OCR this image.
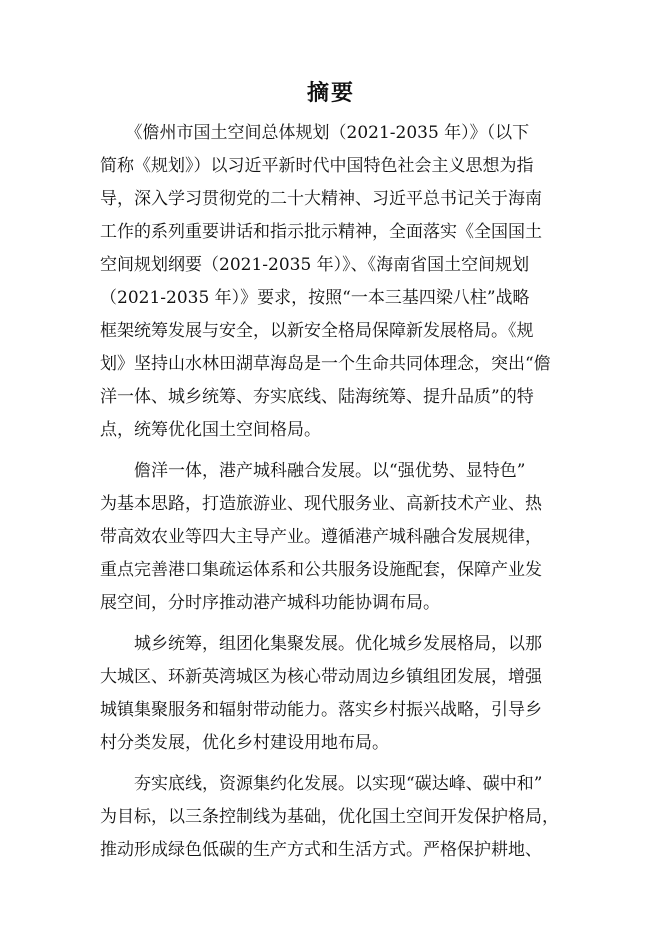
摘要
　　《儋州市国土空间总体规划（2021-2035 年）》（以下
简称《规划》）以习近平新时代中国特色社会主义思想为指
导，深入学习贯彻党的二十大精神、习近平总书记关于海南
工作的系列重要讲话和指示批示精神，全面落实《全国国土
空间规划纲要（2021-2035 年）》、《海南省国土空间规划
（2021-2035 年）》要求，按照“一本三基四梁八柱”战略
框架统筹发展与安全，以新安全格局保障新发展格局。《规
划》坚持山水林田湖草海岛是一个生命共同体理念，突出“儋
洋一体、城乡统筹、夯实底线、陆海统筹、提升品质”的特
点，统筹优化国土空间格局。
　　儋洋一体，港产城科融合发展。以“强优势、显特色”
为基本思路，打造旅游业、现代服务业、高新技术产业、热
带高效农业等四大主导产业。遵循港产城科融合发展规律，
重点完善港口集疏运体系和公共服务设施配套，保障产业发
展空间，分时序推动港产城科功能协调布局。
　　城乡统筹，组团化集聚发展。优化城乡发展格局，以那
大城区、环新英湾城区为核心带动周边乡镇组团发展，增强
城镇集聚服务和辐射带动能力。落实乡村振兴战略，引导乡
村分类发展，优化乡村建设用地布局。
　　夯实底线，资源集约化发展。以实现“碳达峰、碳中和”
为目标，以三条控制线为基础，优化国土空间开发保护格局，
推动形成绿色低碳的生产方式和生活方式。严格保护耕地、
